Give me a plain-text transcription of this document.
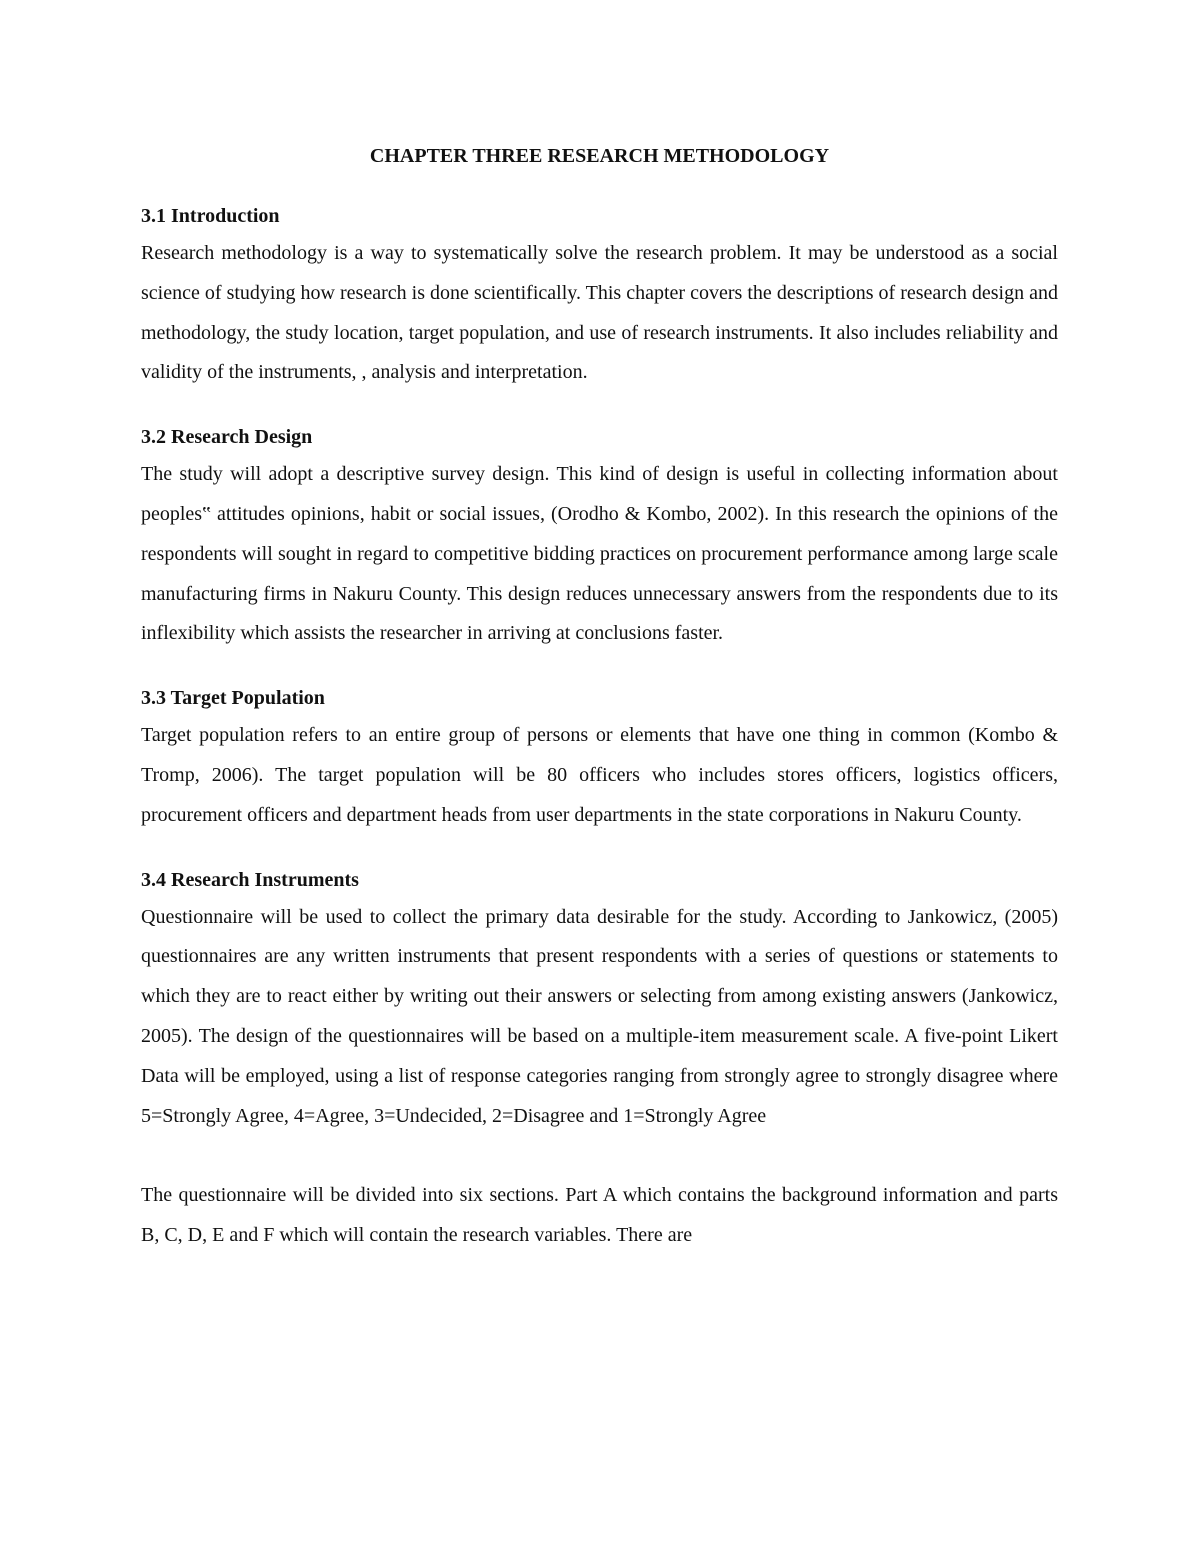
CHAPTER THREE RESEARCH METHODOLOGY
3.1 Introduction

Research methodology is a way to systematically solve the research problem. It may be understood as a social science of studying how research is done scientifically. This chapter covers the descriptions of research design and methodology, the study location, target population, and use of research instruments. It also includes reliability and validity of the instruments, , analysis and interpretation.

3.2 Research Design

The study will adopt a descriptive survey design. This kind of design is useful in collecting information about peoples‟ attitudes opinions, habit or social issues, (Orodho & Kombo, 2002). In this research the opinions of the respondents will sought in regard to competitive bidding practices on procurement performance among large scale manufacturing firms in Nakuru County. This design reduces unnecessary answers from the respondents due to its inflexibility which assists the researcher in arriving at conclusions faster.

3.3 Target Population

Target population refers to an entire group of persons or elements that have one thing in common (Kombo & Tromp, 2006). The target population will be 80 officers who includes stores officers, logistics officers, procurement officers and department heads from user departments in the state corporations in Nakuru County.

3.4 Research Instruments

Questionnaire will be used to collect the primary data desirable for the study. According to Jankowicz, (2005) questionnaires are any written instruments that present respondents with a series of questions or statements to which they are to react either by writing out their answers or selecting from among existing answers (Jankowicz, 2005). The design of the questionnaires will be based on a multiple-item measurement scale. A five-point Likert Data will be employed, using a list of response categories ranging from strongly agree to strongly disagree where 5=Strongly Agree, 4=Agree, 3=Undecided, 2=Disagree and 1=Strongly Agree

The questionnaire will be divided into six sections. Part A which contains the background information and parts B, C, D, E and F which will contain the research variables. There are
